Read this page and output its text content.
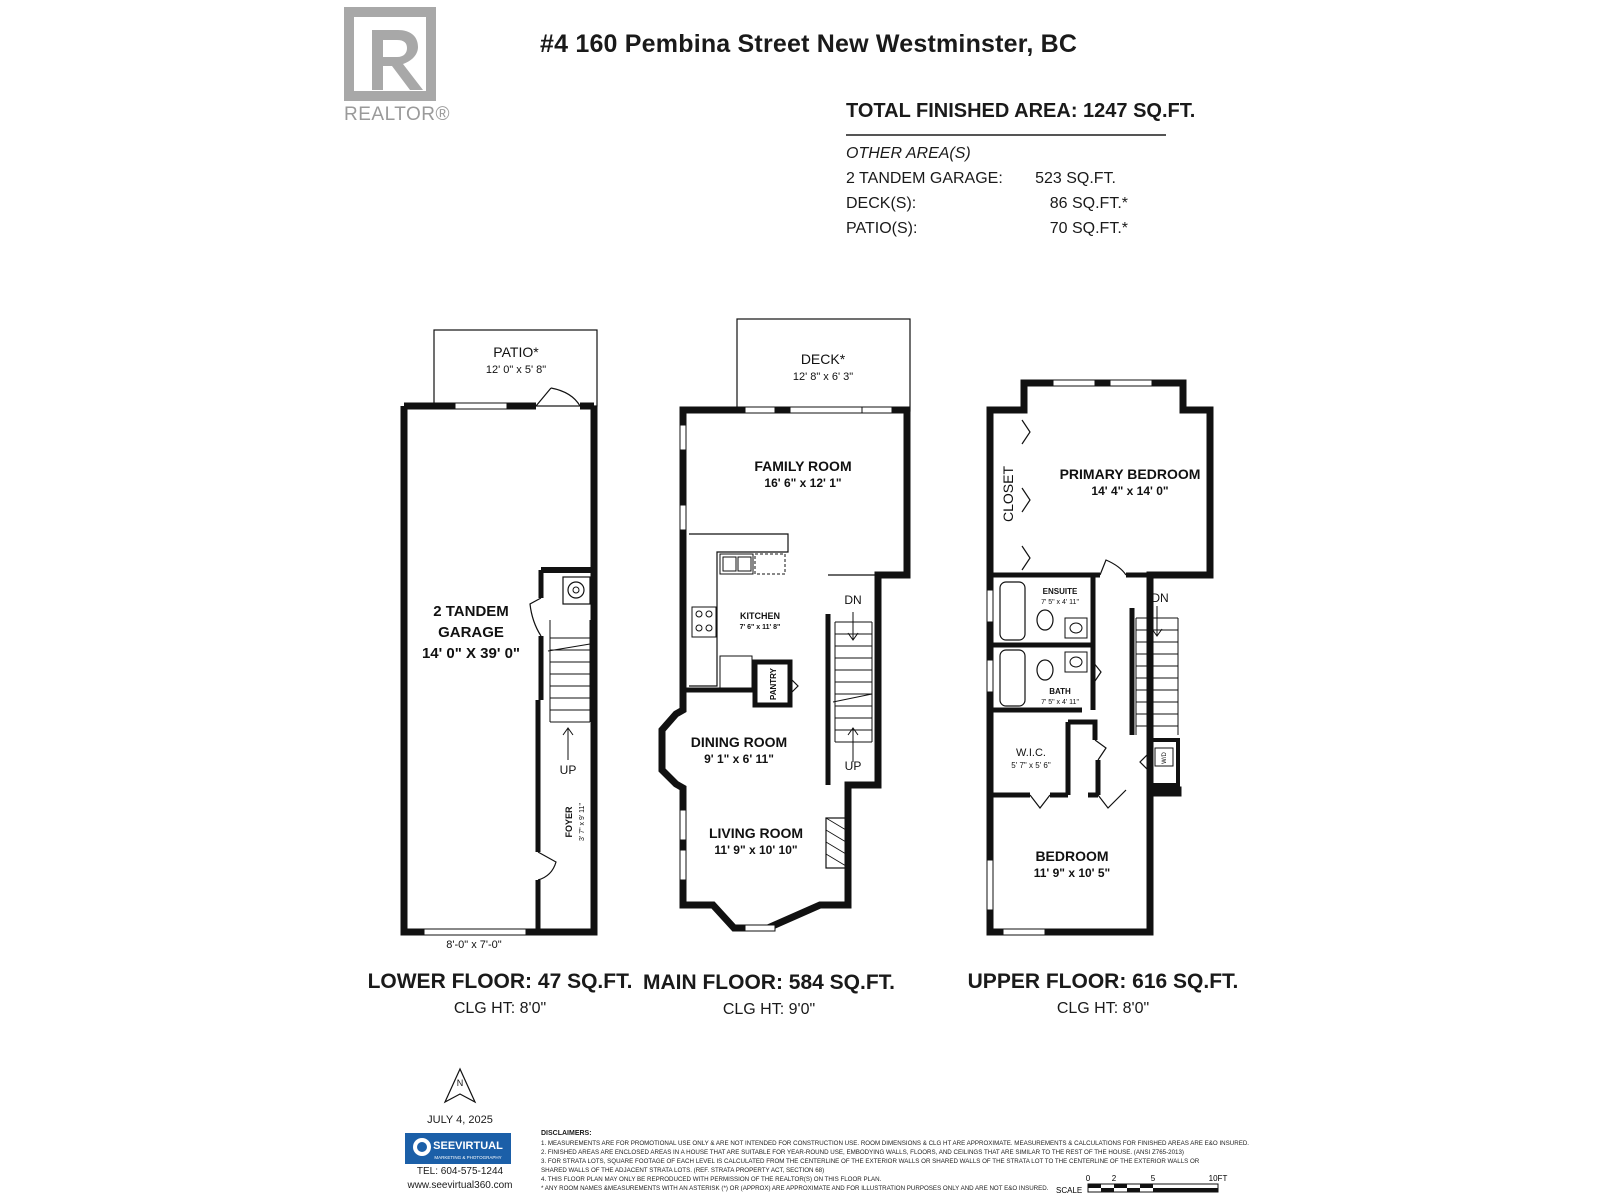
PATIO*
12' 0" x 5' 8"
2 TANDEM
GARAGE
14' 0" X 39' 0"
8'-0" x 7'-0"
UP
FOYER 3' 7" x 9' 11"
DECK*
12' 8" x 6' 3"
FAMILY ROOM
16' 6" x 12' 1"
KITCHEN
7' 6" x 11' 8"
PANTRY
DN
UP
DINING ROOM
9' 1" x 6' 11"
LIVING ROOM
11' 9" x 10' 10"
CLOSET	PRIMARY BEDROOM
14' 4" x 14' 0"
ENSUITE
7' 5" x 4' 11"
BATH
7' 5" x 4' 11"
DN
W.I.C.
5' 7" x 5' 6"
W/D
BEDROOM
11' 9" x 10' 5"
N
SEEVIRTUAL
MARKETING & PHOTOGRAPHY
0	2	5	10FT
SCALE
REALTOR®
#4 160 Pembina Street New Westminster, BC
TOTAL FINISHED AREA: 1247 SQ.FT.
OTHER AREA(S)
2 TANDEM GARAGE: 523 SQ.FT.
DECK(S):	86 SQ.FT.*
PATIO(S):	70 SQ.FT.*
LOWER FLOOR: 47 SQ.FT.
CLG HT: 8'0"
MAIN FLOOR: 584 SQ.FT.
CLG HT: 9'0"
UPPER FLOOR: 616 SQ.FT.
CLG HT: 8'0"
JULY 4, 2025
TEL: 604-575-1244
www.seevirtual360.com
DISCLAIMERS:
1. MEASUREMENTS ARE FOR PROMOTIONAL USE ONLY & ARE NOT INTENDED FOR CONSTRUCTION USE. ROOM DIMENSIONS & CLG HT ARE APPROXIMATE. MEASUREMENTS & CALCULATIONS FOR FINISHED AREAS ARE E&O INSURED.
2. FINISHED AREAS ARE ENCLOSED AREAS IN A HOUSE THAT ARE SUITABLE FOR YEAR-ROUND USE, EMBODYING WALLS, FLOORS, AND CEILINGS THAT ARE SIMILAR TO THE REST OF THE HOUSE. (ANSI Z765-2013)
3. FOR STRATA LOTS, SQUARE FOOTAGE OF EACH LEVEL IS CALCULATED FROM THE CENTERLINE OF THE EXTERIOR WALLS OR SHARED WALLS OF THE STRATA LOT TO THE CENTERLINE OF THE EXTERIOR WALLS OR
SHARED WALLS OF THE ADJACENT STRATA LOTS. (REF. STRATA PROPERTY ACT, SECTION 68)
4. THIS FLOOR PLAN MAY ONLY BE REPRODUCED WITH PERMISSION OF THE REALTOR(S) ON THIS FLOOR PLAN.
* ANY ROOM NAMES &MEASUREMENTS WITH AN ASTERISK (*) OR (APPROX) ARE APPROXIMATE AND FOR ILLUSTRATION PURPOSES ONLY AND ARE NOT E&O INSURED.
